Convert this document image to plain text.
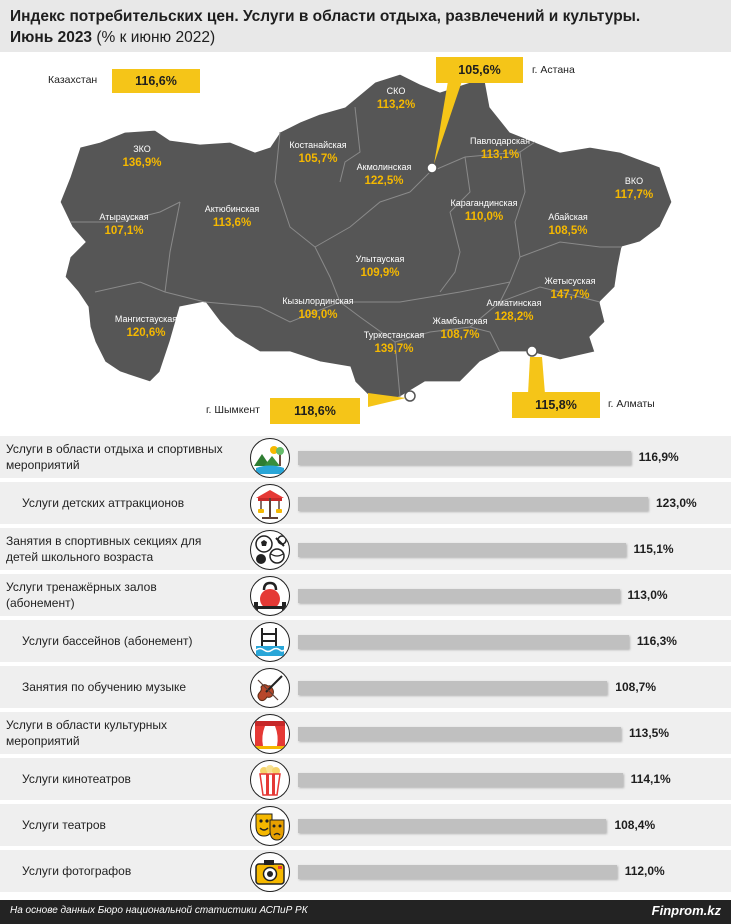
Индекс потребительских цен. Услуги в области отдыха, развлечений и культуры.
Июнь 2023 (% к июню 2022)
Казахстан	116,6%
105,6%	г. Астана
г. Шымкент	118,6%	115,8%	г. Алматы
ЗКО
136,9%
Атырауская
107,1%
Актюбинская
113,6%
Мангистауская
120,6%
Костанайская
105,7%
СКО
113,2%
Акмолинская
122,5%
Павлодарская
113,1%
ВКО
117,7%
Карагандинская
110,0%	Абайская
108,5%
Улытауская
109,9%
Кызылординская
109,0%
Туркестанская
139,7%
Жамбылская
108,7%
Алматинская
128,2%
Жетысуская
147,7%
Услуги в области отдыха и спортивных
мероприятий
116,9%
Услуги детских аттракционов	123,0%
Занятия в спортивных секциях для
детей школьного возраста
115,1%
Услуги тренажёрных залов
(абонемент)
113,0%
Услуги бассейнов (абонемент)	116,3%
Занятия по обучению музыке	108,7%
Услуги в области культурных
мероприятий
113,5%
Услуги кинотеатров	114,1%
Услуги театров	108,4%
Услуги фотографов	112,0%
На основе данных Бюро национальной статистики АСПиР РК	Finprom.kz
